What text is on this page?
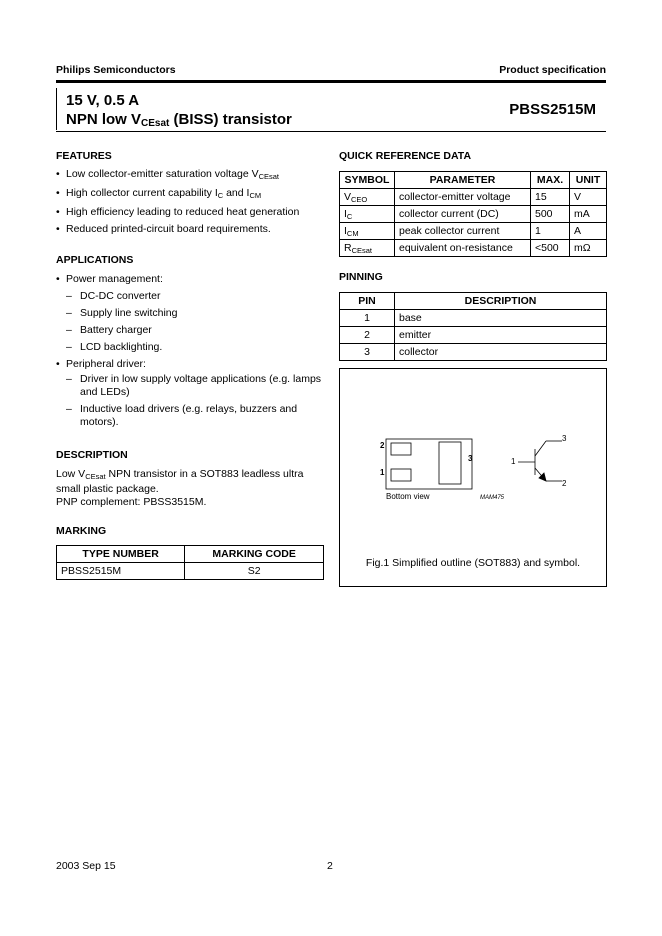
Philips Semiconductors	Product specification
15 V, 0.5 A
NPN low $V_{CEsat}$ (BISS) transistor
PBSS2515M
FEATURES
• Low collector-emitter saturation voltage $V_{CEsat}$
• High collector current capability $I_C$ and $I_{CM}$
• High efficiency leading to reduced heat generation
• Reduced printed-circuit board requirements.
APPLICATIONS
• Power management:
– DC-DC converter
– Supply line switching
– Battery charger
– LCD backlighting.
• Peripheral driver:
– Driver in low supply voltage applications (e.g. lamps and LEDs)
– Inductive load drivers (e.g. relays, buzzers and motors).
DESCRIPTION
Low $V_{CEsat}$ NPN transistor in a SOT883 leadless ultra
small plastic package.
PNP complement: PBSS3515M.
MARKING
TYPE NUMBER	MARKING CODE
PBSS2515M	S2
QUICK REFERENCE DATA
SYMBOL	PARAMETER	MAX.	UNIT
$V_{CEO}$	collector-emitter voltage	15	V
$I_C$	collector current (DC)	500	mA
$I_{CM}$	peak collector current	1	A
$R_{CEsat}$	equivalent on-resistance	<500	mΩ
PINNING
PIN	DESCRIPTION
1	base
2	emitter
3	collector
2
1
3
Bottom view	MAM475
1
2
3
Fig.1 Simplified outline (SOT883) and symbol.
2003 Sep 15	2
